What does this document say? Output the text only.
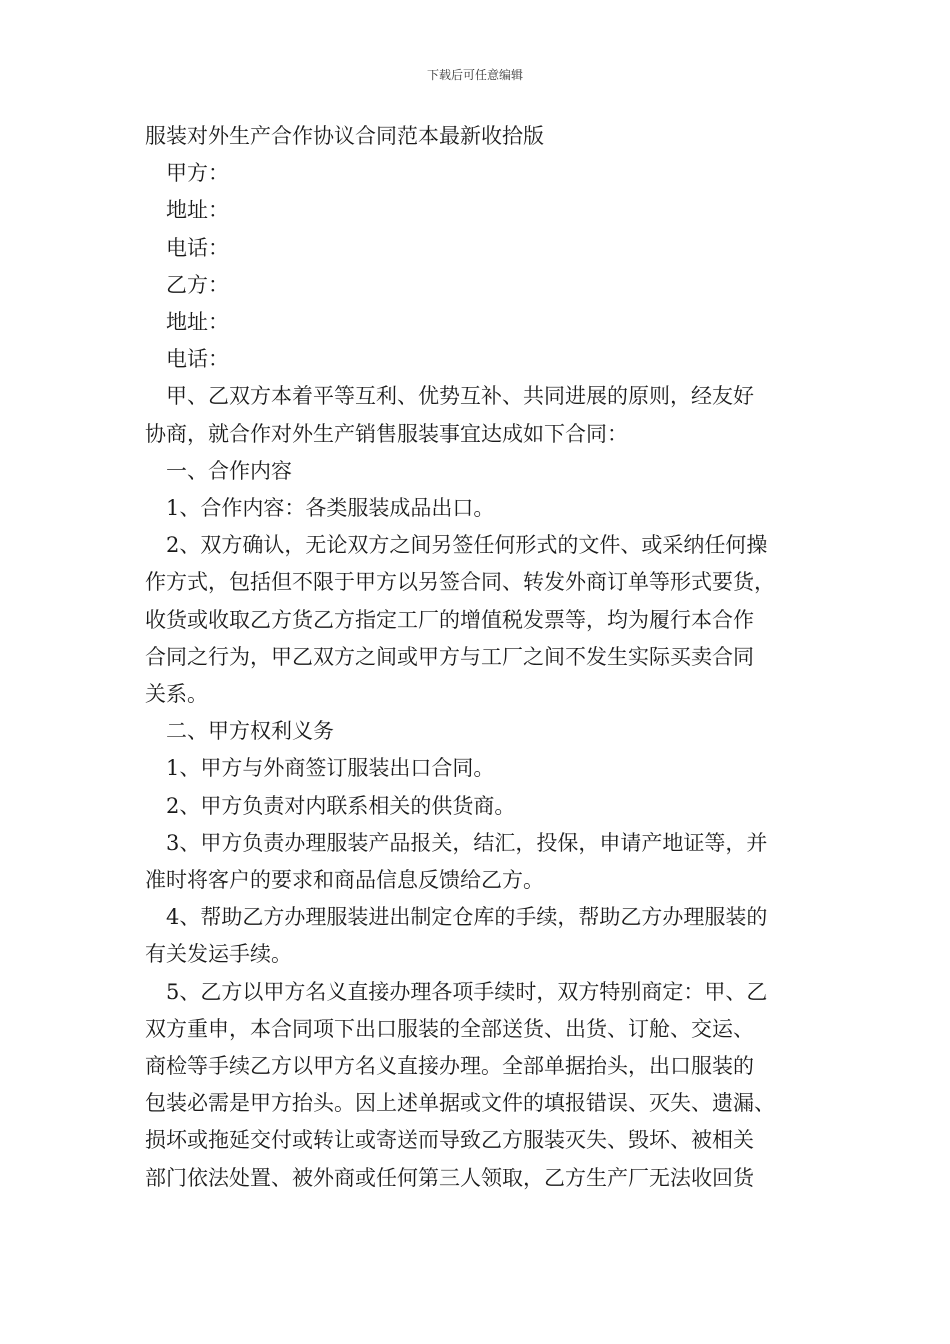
下载后可任意编辑

服装对外生产合作协议合同范本最新收拾版

甲方：

地址：

电话：

乙方：

地址：

电话：

甲、乙双方本着平等互利、优势互补、共同进展的原则，经友好

协商，就合作对外生产销售服装事宜达成如下合同：

一、合作内容

1、合作内容：各类服装成品出口。

2、双方确认，无论双方之间另签任何形式的文件、或采纳任何操

作方式，包括但不限于甲方以另签合同、转发外商订单等形式要货，

收货或收取乙方货乙方指定工厂的增值税发票等，均为履行本合作

合同之行为，甲乙双方之间或甲方与工厂之间不发生实际买卖合同

关系。

二、甲方权利义务

1、甲方与外商签订服装出口合同。

2、甲方负责对内联系相关的供货商。

3、甲方负责办理服装产品报关，结汇，投保，申请产地证等，并

准时将客户的要求和商品信息反馈给乙方。

4、帮助乙方办理服装进出制定仓库的手续，帮助乙方办理服装的

有关发运手续。

5、乙方以甲方名义直接办理各项手续时，双方特别商定：甲、乙

双方重申，本合同项下出口服装的全部送货、出货、订舱、交运、

商检等手续乙方以甲方名义直接办理。全部单据抬头，出口服装的

包装必需是甲方抬头。因上述单据或文件的填报错误、灭失、遗漏、

损坏或拖延交付或转让或寄送而导致乙方服装灭失、毁坏、被相关

部门依法处置、被外商或任何第三人领取，乙方生产厂无法收回货
